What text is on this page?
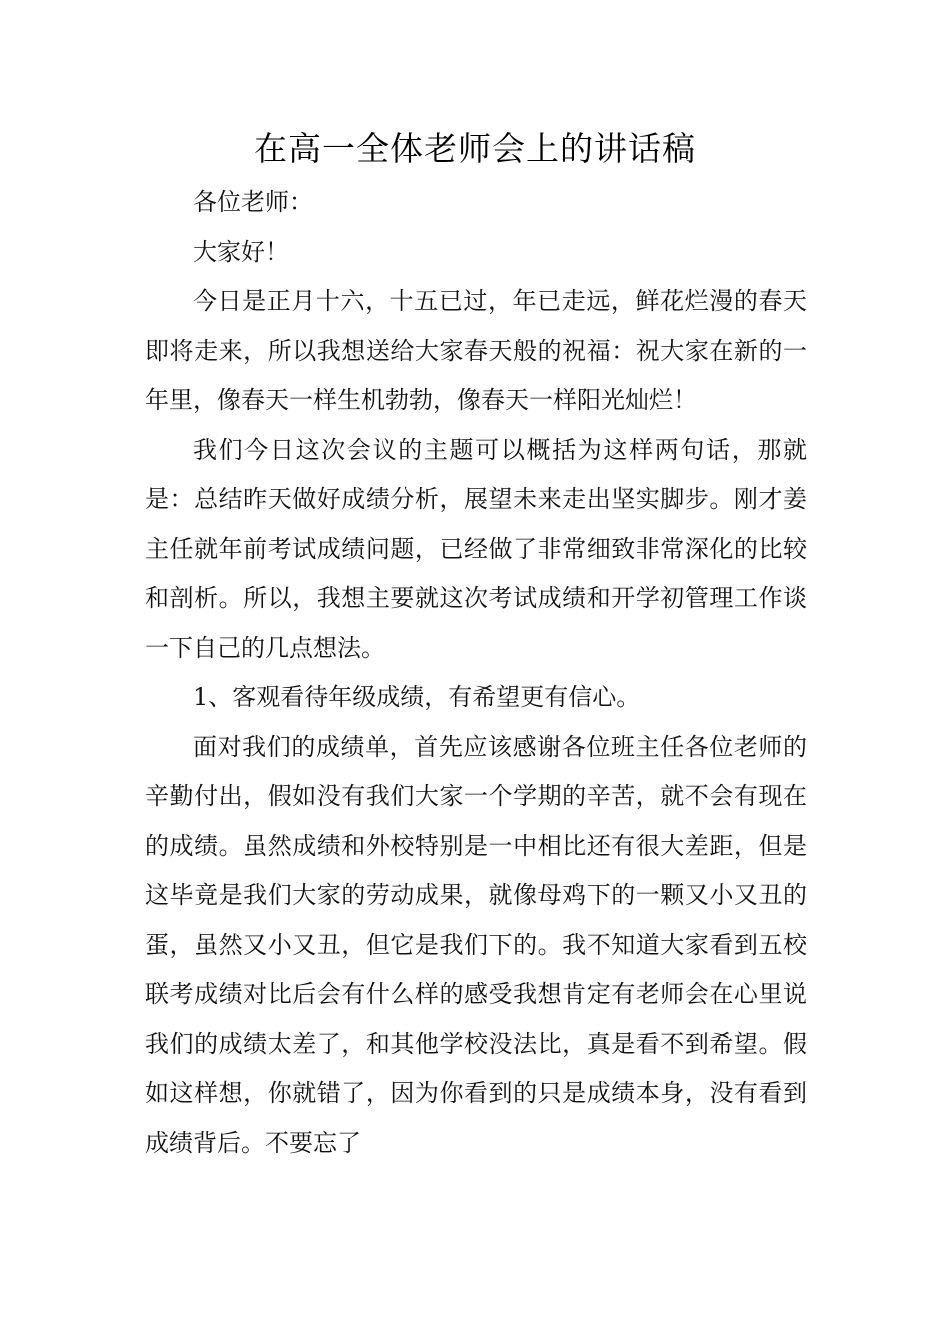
在高一全体老师会上的讲话稿

各位老师：

大家好！

今日是正月十六，十五已过，年已走远，鲜花烂漫的春天即将走来，所以我想送给大家春天般的祝福：祝大家在新的一年里，像春天一样生机勃勃，像春天一样阳光灿烂！

我们今日这次会议的主题可以概括为这样两句话，那就是：总结昨天做好成绩分析，展望未来走出坚实脚步。刚才姜主任就年前考试成绩问题，已经做了非常细致非常深化的比较和剖析。所以，我想主要就这次考试成绩和开学初管理工作谈一下自己的几点想法。

1、客观看待年级成绩，有希望更有信心。

面对我们的成绩单，首先应该感谢各位班主任各位老师的辛勤付出，假如没有我们大家一个学期的辛苦，就不会有现在的成绩。虽然成绩和外校特别是一中相比还有很大差距，但是这毕竟是我们大家的劳动成果，就像母鸡下的一颗又小又丑的蛋，虽然又小又丑，但它是我们下的。我不知道大家看到五校联考成绩对比后会有什么样的感受我想肯定有老师会在心里说我们的成绩太差了，和其他学校没法比，真是看不到希望。假如这样想，你就错了，因为你看到的只是成绩本身，没有看到成绩背后。不要忘了
